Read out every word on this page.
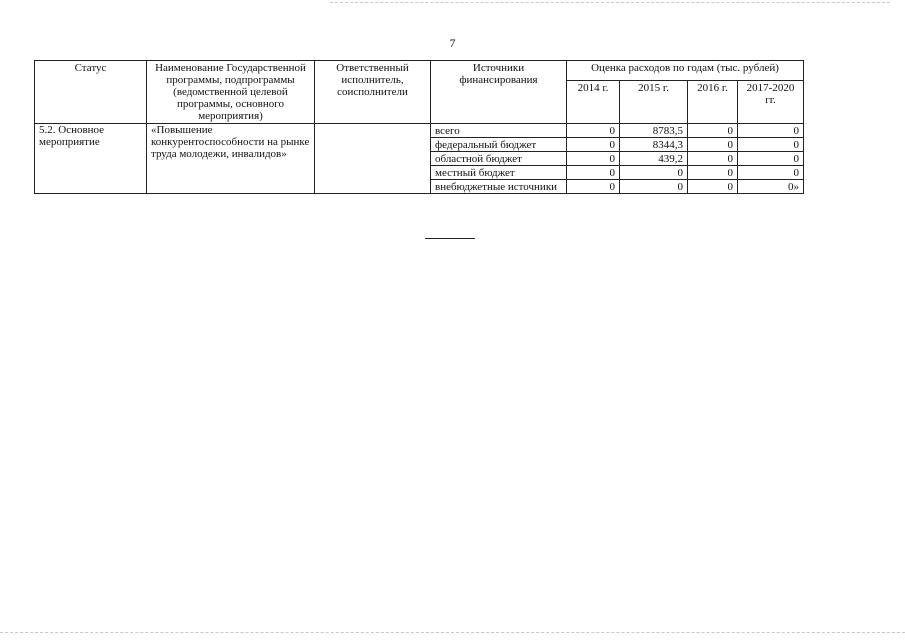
7
Статус	Наименование Государственной программы, подпрограммы (ведомственной целевой программы, основного мероприятия)	Ответственный исполнитель, соисполнители	Источники финансирования	Оценка расходов по годам (тыс. рублей)			
				2014 г.	2015 г.	2016 г.	2017-2020 гг.
5.2. Основное мероприятие	«Повышение конкурентоспособности на рынке труда молодежи, инвалидов»		всего	0	8783,5	0	0
			федеральный бюджет	0	8344,3	0	0
			областной бюджет	0	439,2	0	0
			местный бюджет	0	0	0	0
			внебюджетные источники	0	0	0	0»
